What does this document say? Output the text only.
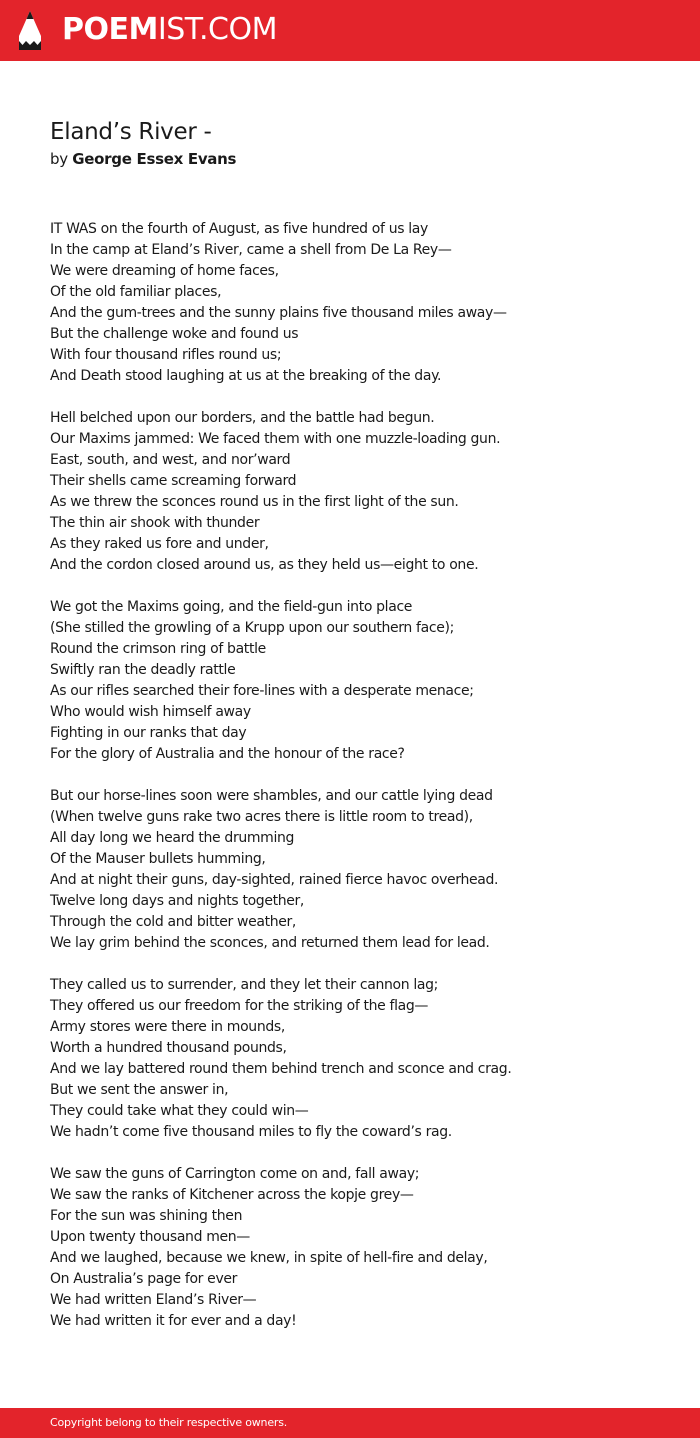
POEMIST.COM
Eland’s River -
by George Essex Evans
IT WAS on the fourth of August, as five hundred of us lay
In the camp at Eland’s River, came a shell from De La Rey—
We were dreaming of home faces,
Of the old familiar places,
And the gum-trees and the sunny plains five thousand miles away—
But the challenge woke and found us
With four thousand rifles round us;
And Death stood laughing at us at the breaking of the day.
Hell belched upon our borders, and the battle had begun.
Our Maxims jammed: We faced them with one muzzle-loading gun.
East, south, and west, and nor’ward
Their shells came screaming forward
As we threw the sconces round us in the first light of the sun.
The thin air shook with thunder
As they raked us fore and under,
And the cordon closed around us, as they held us—eight to one.
We got the Maxims going, and the field-gun into place
(She stilled the growling of a Krupp upon our southern face);
Round the crimson ring of battle
Swiftly ran the deadly rattle
As our rifles searched their fore-lines with a desperate menace;
Who would wish himself away
Fighting in our ranks that day
For the glory of Australia and the honour of the race?
But our horse-lines soon were shambles, and our cattle lying dead
(When twelve guns rake two acres there is little room to tread),
All day long we heard the drumming
Of the Mauser bullets humming,
And at night their guns, day-sighted, rained fierce havoc overhead.
Twelve long days and nights together,
Through the cold and bitter weather,
We lay grim behind the sconces, and returned them lead for lead.
They called us to surrender, and they let their cannon lag;
They offered us our freedom for the striking of the flag—
Army stores were there in mounds,
Worth a hundred thousand pounds,
And we lay battered round them behind trench and sconce and crag.
But we sent the answer in,
They could take what they could win—
We hadn’t come five thousand miles to fly the coward’s rag.
We saw the guns of Carrington come on and, fall away;
We saw the ranks of Kitchener across the kopje grey—
For the sun was shining then
Upon twenty thousand men—
And we laughed, because we knew, in spite of hell-fire and delay,
On Australia’s page for ever
We had written Eland’s River—
We had written it for ever and a day!
Copyright belong to their respective owners.
